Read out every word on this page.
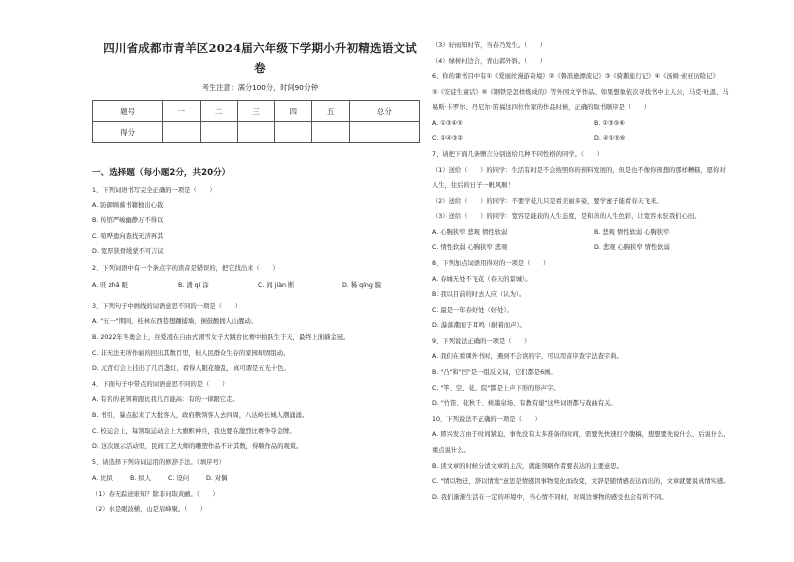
四川省成都市青羊区2024届六年级下学期小升初精选语文试
卷
考生注意：满分100分，时间90分钟
题号	一	二	三	四	五	总分
得分						
一、选择题（每小题2分，共20分）
1、下列词语书写完全正确的一项是（　　）
A. 防御顾慕书籍独出心裁
B. 传馆严峻幽静万不得以
C. 喧哗遗向查找无济再其
D. 宽厚狭骨缓蒙不可言议
2、下列词语中有一个条点字的读音是错误的，把它找出来（　　）
A. 旺 zhǎ 眼	B. 潘 qí 涂	C. 间 jiàn 断	D. 稀 qíng 膜
3、下列句子中画线的词语意思不同的一项是（　　）
A. "五一"期间，桂林东西巷想踵捕墙，倒鼓酸拥人山腥动。
B. 2022年冬奥会上，谷爱凌在自由式滑雪女子大跳台比赛中拍跃生于天，最终上面摘金冠。
C. 非无法无所作丽的回出其数百里，但人民群众生存的家园却固组动。
D. 元宵灯会上挂出了几百盏灯，看得人眼花缭乱，真可谓是五光十色。
4、下面句子中带点的词语意思不同的是（　　）
A. 有名的老领着跟比我几百能高：有的一律跟它走。
B. 书引，暴点起来了大批客人，政府携领客人去四周，八达岭长城人潮涌涌。
C. 校运会上，每领取运动会上大旗帜神兵，我也要在激烈比赛争夺金牌。
D. 这次展示活动里，民间工艺大师的雕塑作品不计其数，得顺作品的观赏。
5、请选择下列诗词运用的修辞手法。（填序号）
A. 比拟	B. 拟人	C. 设问	D. 对偶
（1）春无踪迹谁知？除非问取黄鹂。（　　）
（2）水是眼波横，山是眉峰聚。（　　）
（3）好雨知时节，当春乃发生。（　　）
（4）绿树村边合，青山郭外斜。（　　）
6、你的课书目中有①《爱丽丝漫游奇境》②《鲁滨逊漂流记》③《骑鹅旅行记》④《汤姆·索亚历险记》
⑤《安徒生童话》⑥《钢铁是怎样炼成的》等外国文学作品。如果想象依次寻找书中主人公，马克·吐温、马
易斯·卡罗尔、丹尼尔·笛福这四位作家的作品时候，正确的取书顺序是（　　）
A. ①③④⑤	B. ①③⑤⑥
C. ①④③②	D. ④①⑤⑥
7、请把下面几条赠言分别送给几种不同性格的同学。（　　）
（1）送给（　　）的同学：生活有时是不会按照你的预料发展的，但是也不像你预想的那样糟糕，愿你对
人生，往后的日子一帆风顺！
（2）送给（　　）的同学：不要学花儿只是看美丽多姿，要学蜜子能看春天飞来。
（3）送给（　　）的同学：宽容是能获的人生态度，是和善的人生色彩，让宽容永驻我们心田。
A. 心胸狭窄 悲观 情性软弱	B. 悲观 情性软弱 心胸狭窄
C. 情性软弱 心胸狭窄 悲观	D. 悲观 心胸狭窄 情性软弱
8、下列加点词语用得对的一项是（　　）
A. 春城无处不飞花（春天的景城）。
B. 我以目前的时去人应（认为）。
C. 最是一年春好处（好处）。
D. 瀑落潮而于耳鸣（耐着而声）。
9、下列说法正确的一项是（　　）
A. 我们在看课外书时，遇到不会读的字，可以用音序查字法查字典。
B. "凸"和"凹"是一组反义词，它们都是6画。
C. "竿、空、花、院"都是上声下形的形声字。
D. "竹笛、花秋千、树墨泉场、有教有媳"这些词语都与戏曲有关。
10、下列说法不正确的一项是（　　）
A. 即兴发言由于时间紧迫，事先没有太多准备的时间，需要先快速打个腹稿，想想要先说什么，后说什么，
重点说什么。
B. 读文章的时候分清文章的主次，就能领略作者要表达的主要意思。
C. "情以物迁，辞以情发"意思是情感因事物变化而改变，文辞是随情感表达而出的，文章就要说真情实感。
D. 我们渐渐生活在一定的环境中，当心情不同时，对周边事物的感受也会有所不同。
